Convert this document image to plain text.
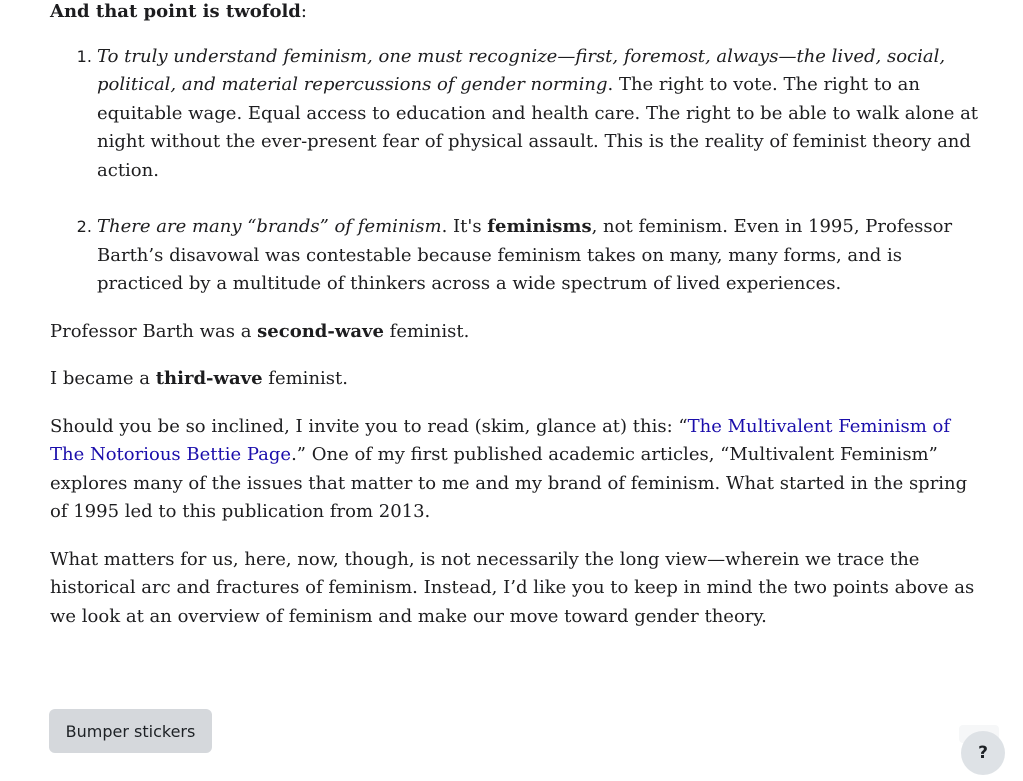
And that point is twofold:

1. To truly understand feminism, one must recognize—first, foremost, always—the lived, social, political, and material repercussions of gender norming. The right to vote. The right to an equitable wage. Equal access to education and health care. The right to be able to walk alone at night without the ever-present fear of physical assault. This is the reality of feminist theory and action.
2. There are many “brands” of feminism. It's feminisms, not feminism. Even in 1995, Professor Barth’s disavowal was contestable because feminism takes on many, many forms, and is practiced by a multitude of thinkers across a wide spectrum of lived experiences.

Professor Barth was a second-wave feminist.

I became a third-wave feminist.

Should you be so inclined, I invite you to read (skim, glance at) this: “The Multivalent Feminism of The Notorious Bettie Page.” One of my first published academic articles, “Multivalent Feminism” explores many of the issues that matter to me and my brand of feminism. What started in the spring of 1995 led to this publication from 2013.

What matters for us, here, now, though, is not necessarily the long view—wherein we trace the historical arc and fractures of feminism. Instead, I’d like you to keep in mind the two points above as we look at an overview of feminism and make our move toward gender theory.

Bumper stickers
?
